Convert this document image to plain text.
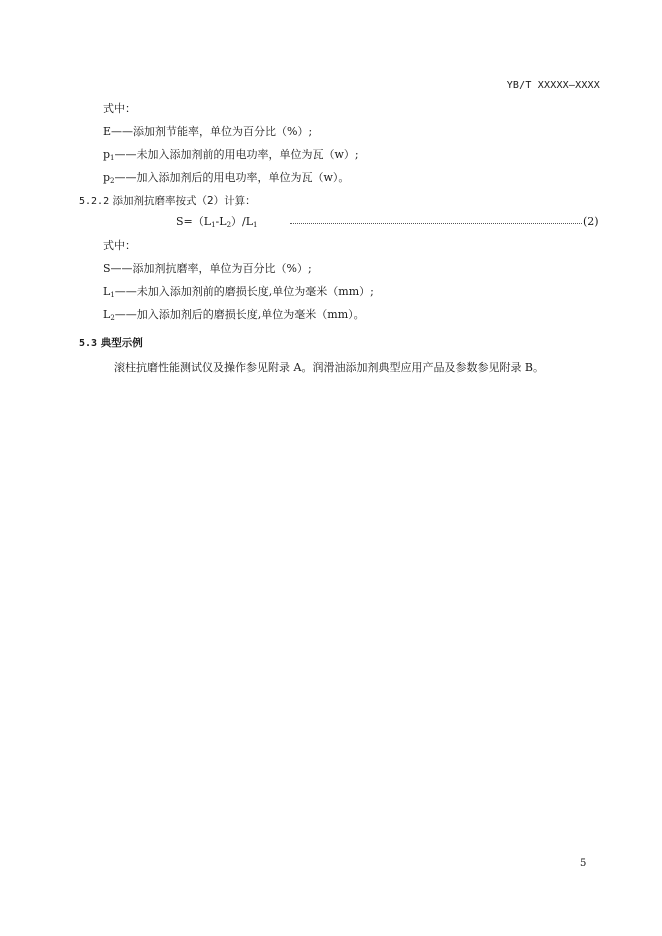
YB/T XXXXX—XXXX
式中：
E——添加剂节能率，单位为百分比（%）;
$p_1——$未加入添加剂前的用电功率，单位为瓦（w）;
$p_2——$加入添加剂后的用电功率，单位为瓦（w）。
5.2.2 添加剂抗磨率按式（2）计算：
$S=(L_1-L_2)/L_1$	(2)
式中：
S——添加剂抗磨率，单位为百分比（%）;
$L_1——$未加入添加剂前的磨损长度,单位为毫米（mm）;
$L_2——$加入添加剂后的磨损长度,单位为毫米（mm）。
5.3 典型示例
滚柱抗磨性能测试仪及操作参见附录 A。润滑油添加剂典型应用产品及参数参见附录 B。
5
